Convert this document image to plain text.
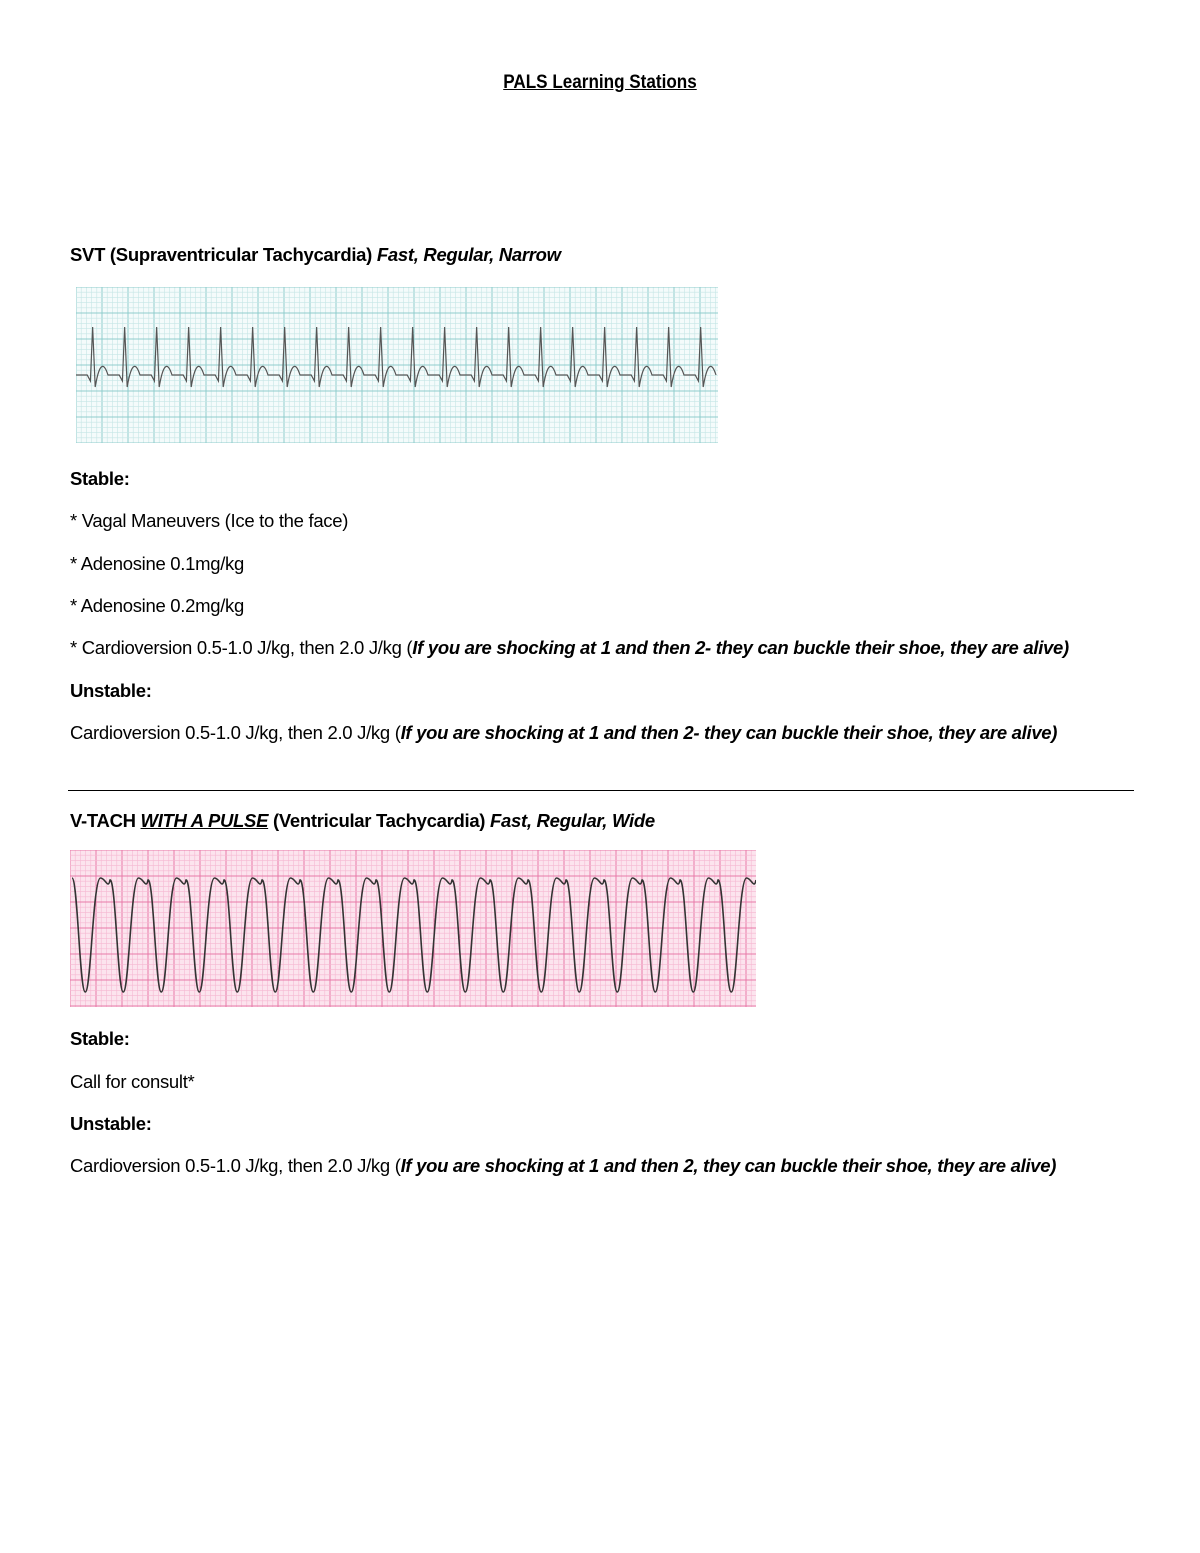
PALS Learning Stations
SVT (Supraventricular Tachycardia) Fast, Regular, Narrow
Stable:
* Vagal Maneuvers (Ice to the face)
* Adenosine 0.1mg/kg
* Adenosine 0.2mg/kg
* Cardioversion 0.5-1.0 J/kg, then 2.0 J/kg (If you are shocking at 1 and then 2- they can buckle their shoe, they are alive)
Unstable:
Cardioversion 0.5-1.0 J/kg, then 2.0 J/kg (If you are shocking at 1 and then 2- they can buckle their shoe, they are alive)
V-TACH WITH A PULSE (Ventricular Tachycardia) Fast, Regular, Wide
Stable:
Call for consult*
Unstable:
Cardioversion 0.5-1.0 J/kg, then 2.0 J/kg (If you are shocking at 1 and then 2, they can buckle their shoe, they are alive)
